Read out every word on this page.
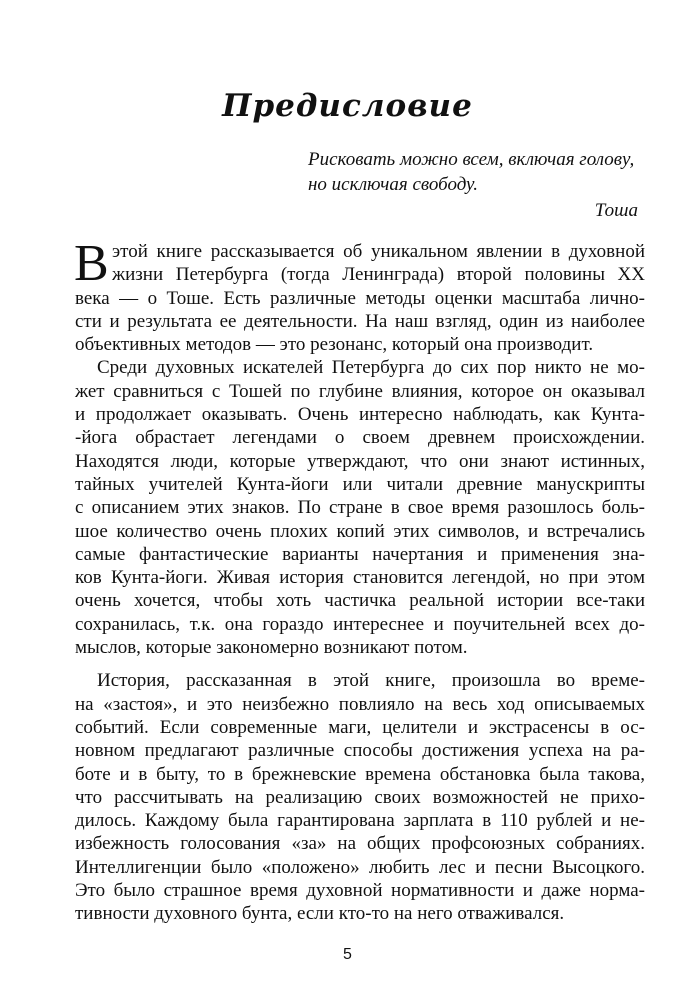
Предисловие
Рисковать можно всем, включая голову,
но исключая свободу.
Тоша
В этой книге рассказывается об уникальном явлении в духовной
жизни Петербурга (тогда Ленинграда) второй половины XX
века — о Тоше. Есть различные методы оценки масштаба лично-
сти и результата ее деятельности. На наш взгляд, один из наиболее
объективных методов — это резонанс, который она производит.
Среди духовных искателей Петербурга до сих пор никто не мо-
жет сравниться с Тошей по глубине влияния, которое он оказывал
и продолжает оказывать. Очень интересно наблюдать, как Кунта-
-йога обрастает легендами о своем древнем происхождении.
Находятся люди, которые утверждают, что они знают истинных,
тайных учителей Кунта-йоги или читали древние манускрипты
с описанием этих знаков. По стране в свое время разошлось боль-
шое количество очень плохих копий этих символов, и встречались
самые фантастические варианты начертания и применения зна-
ков Кунта-йоги. Живая история становится легендой, но при этом
очень хочется, чтобы хоть частичка реальной истории все-таки
сохранилась, т.к. она гораздо интереснее и поучительней всех до-
мыслов, которые закономерно возникают потом.
История, рассказанная в этой книге, произошла во време-
на «застоя», и это неизбежно повлияло на весь ход описываемых
событий. Если современные маги, целители и экстрасенсы в ос-
новном предлагают различные способы достижения успеха на ра-
боте и в быту, то в брежневские времена обстановка была такова,
что рассчитывать на реализацию своих возможностей не прихо-
дилось. Каждому была гарантирована зарплата в 110 рублей и не-
избежность голосования «за» на общих профсоюзных собраниях.
Интеллигенции было «положено» любить лес и песни Высоцкого.
Это было страшное время духовной нормативности и даже норма-
тивности духовного бунта, если кто-то на него отваживался.
5
